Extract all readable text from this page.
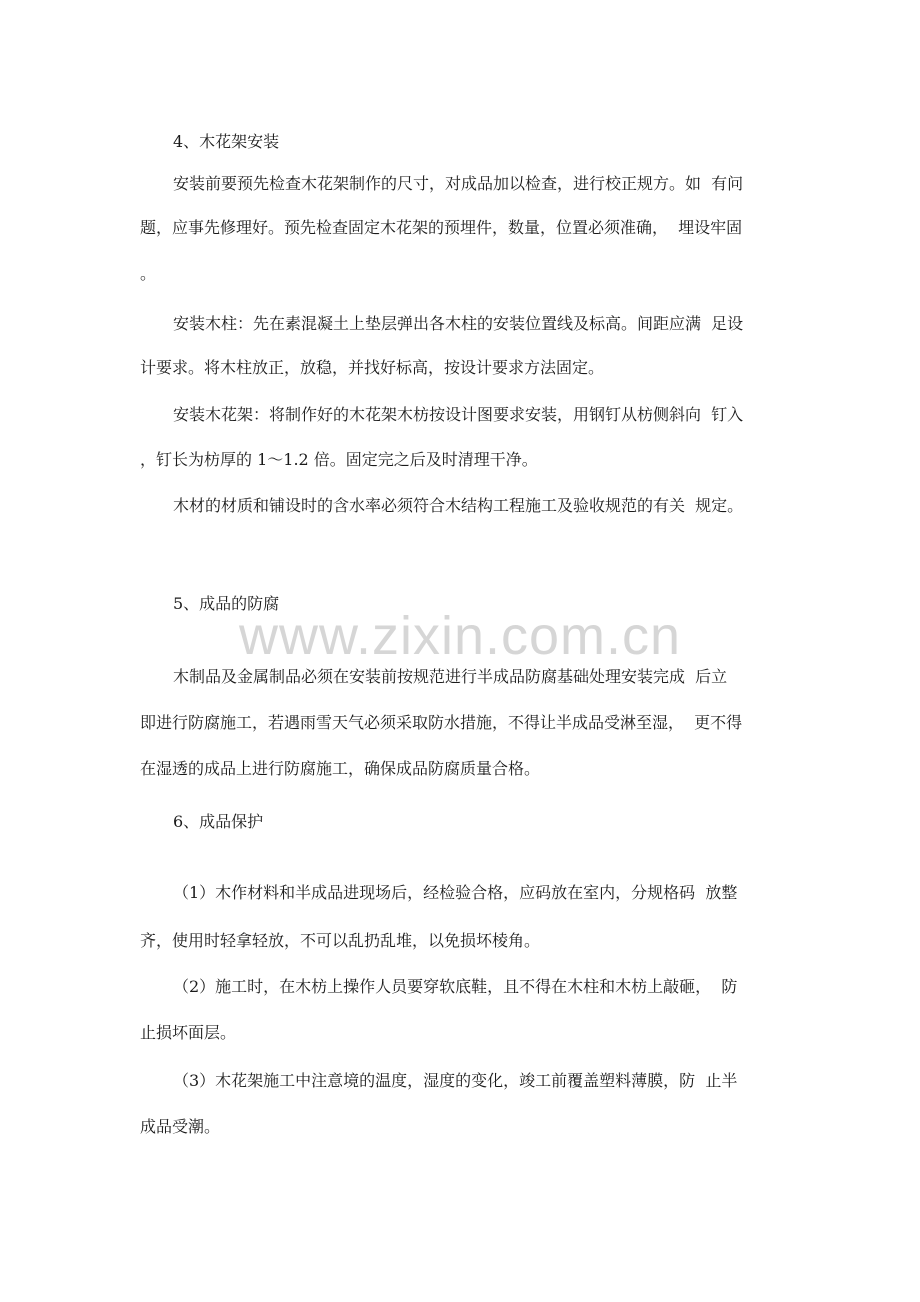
4、木花架安装
安装前要预先检查木花架制作的尺寸，对成品加以检查，进行校正规方。如  有问
题，应事先修理好。预先检查固定木花架的预埋件，数量，位置必须准确，  埋设牢固
。
安装木柱：先在素混凝土上垫层弹出各木柱的安装位置线及标高。间距应满  足设
计要求。将木柱放正，放稳，并找好标高，按设计要求方法固定。
安装木花架：将制作好的木花架木枋按设计图要求安装，用钢钉从枋侧斜向  钉入
，钉长为枋厚的 1～1.2 倍。固定完之后及时清理干净。
木材的材质和铺设时的含水率必须符合木结构工程施工及验收规范的有关  规定。
5、成品的防腐
www.zixin.com.cn
木制品及金属制品必须在安装前按规范进行半成品防腐基础处理安装完成  后立
即进行防腐施工，若遇雨雪天气必须采取防水措施，不得让半成品受淋至湿，  更不得
在湿透的成品上进行防腐施工，确保成品防腐质量合格。
6、成品保护
（1）木作材料和半成品进现场后，经检验合格，应码放在室内，分规格码  放整
齐，使用时轻拿轻放，不可以乱扔乱堆，以免损坏棱角。
（2）施工时，在木枋上操作人员要穿软底鞋，且不得在木柱和木枋上敲砸，  防
止损坏面层。
（3）木花架施工中注意境的温度，湿度的变化，竣工前覆盖塑料薄膜，防  止半
成品受潮。
